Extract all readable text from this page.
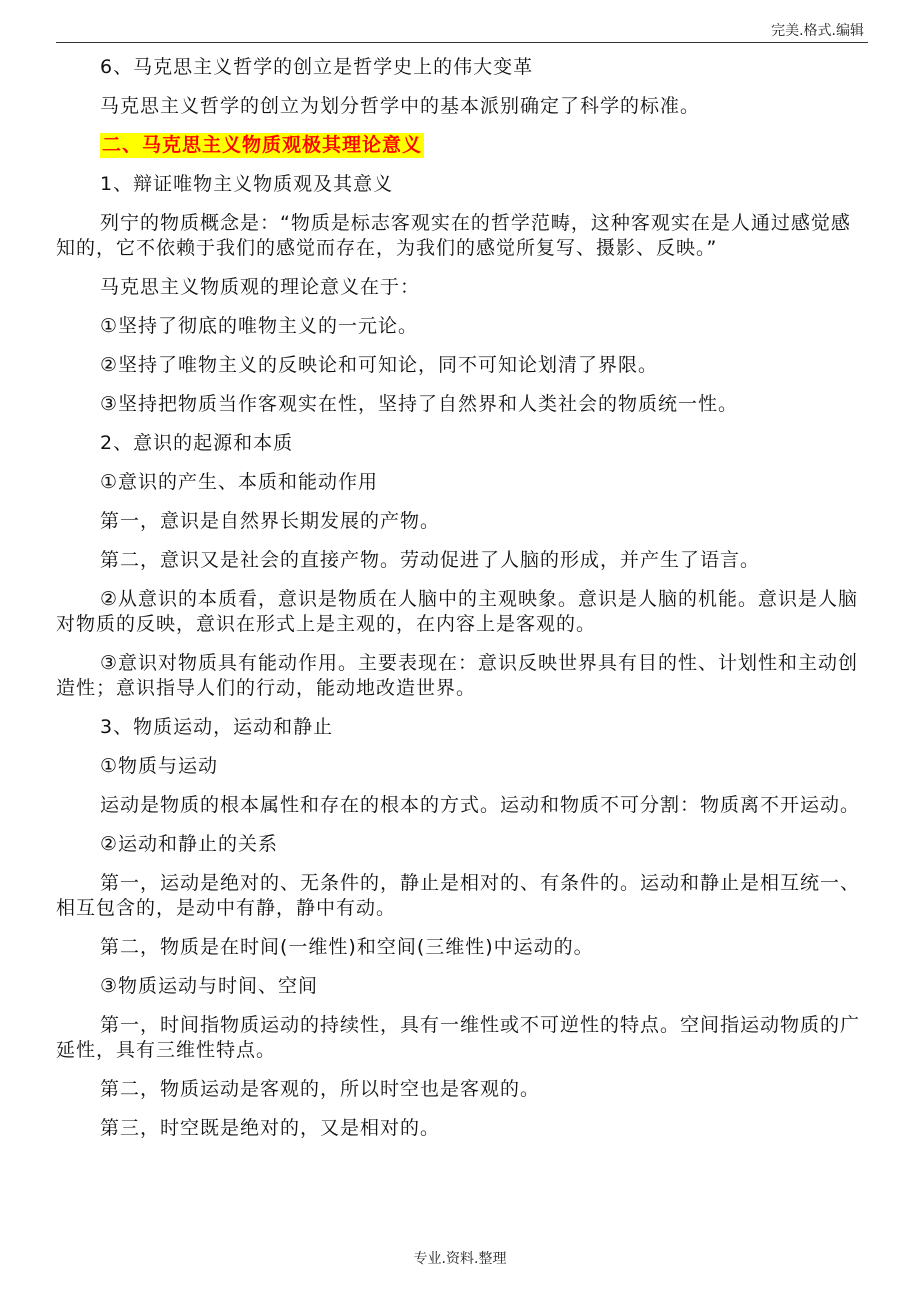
完美.格式.编辑

6、马克思主义哲学的创立是哲学史上的伟大变革

马克思主义哲学的创立为划分哲学中的基本派别确定了科学的标准。

二、马克思主义物质观极其理论意义

1、辩证唯物主义物质观及其意义

列宁的物质概念是：“物质是标志客观实在的哲学范畴，这种客观实在是人通过感觉感知的，它不依赖于我们的感觉而存在，为我们的感觉所复写、摄影、反映。”

马克思主义物质观的理论意义在于：

①坚持了彻底的唯物主义的一元论。

②坚持了唯物主义的反映论和可知论，同不可知论划清了界限。

③坚持把物质当作客观实在性，坚持了自然界和人类社会的物质统一性。

2、意识的起源和本质

①意识的产生、本质和能动作用

第一，意识是自然界长期发展的产物。

第二，意识又是社会的直接产物。劳动促进了人脑的形成，并产生了语言。

②从意识的本质看，意识是物质在人脑中的主观映象。意识是人脑的机能。意识是人脑对物质的反映，意识在形式上是主观的，在内容上是客观的。

③意识对物质具有能动作用。主要表现在：意识反映世界具有目的性、计划性和主动创造性；意识指导人们的行动，能动地改造世界。

3、物质运动，运动和静止

①物质与运动

运动是物质的根本属性和存在的根本的方式。运动和物质不可分割：物质离不开运动。

②运动和静止的关系

第一，运动是绝对的、无条件的，静止是相对的、有条件的。运动和静止是相互统一、相互包含的，是动中有静，静中有动。

第二，物质是在时间(一维性)和空间(三维性)中运动的。

③物质运动与时间、空间

第一，时间指物质运动的持续性，具有一维性或不可逆性的特点。空间指运动物质的广延性，具有三维性特点。

第二，物质运动是客观的，所以时空也是客观的。

第三，时空既是绝对的，又是相对的。

专业.资料.整理
